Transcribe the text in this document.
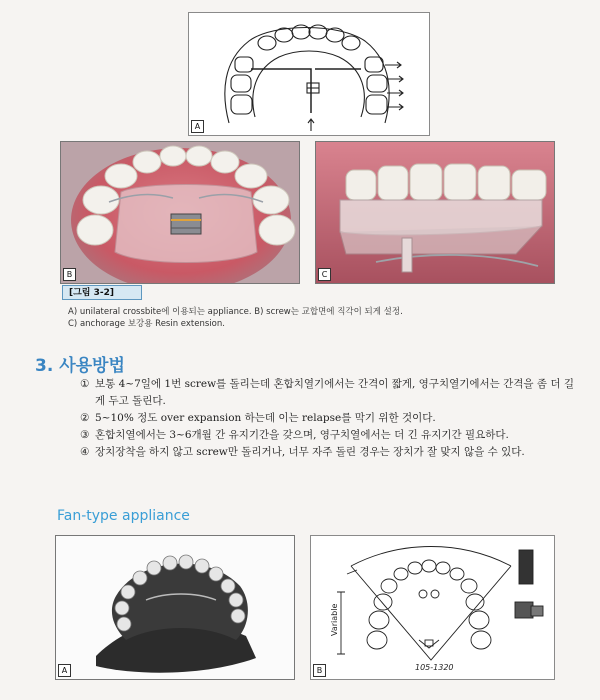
A
B	C
[그림 3-2]
A) unilateral crossbite에 이용되는 appliance. B) screw는 교합면에 직각이 되게 설정.
C) anchorage 보강용 Resin extension.
3. 사용방법
① 보통 4~7일에 1번 screw를 돌리는데 혼합치열기에서는 간격이 짧게, 영구치열기에서는 간격을 좀 더 길게 두고 돌린다.
② 5~10% 정도 over expansion 하는데 이는 relapse를 막기 위한 것이다.
③ 혼합치열에서는 3~6개월 간 유지기간을 갖으며, 영구치열에서는 더 긴 유지기간 필요하다.
④ 장치장착을 하지 않고 screw만 돌리거나, 너무 자주 돌린 경우는 장치가 잘 맞지 않을 수 있다.
Fan-type appliance
A
Variable
105-1320
B
